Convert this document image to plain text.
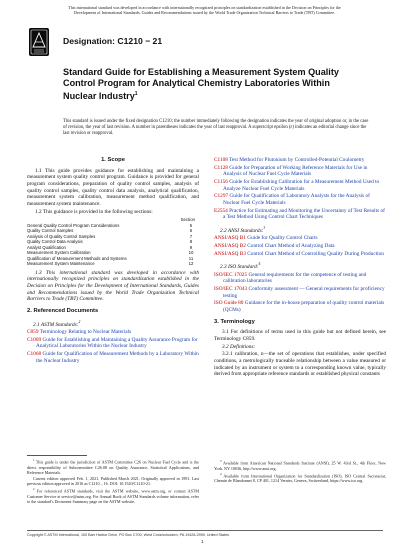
This international standard was developed in accordance with internationally recognized principles on standardization established in the Decision on Principles for the
Development of International Standards, Guides and Recommendations issued by the World Trade Organization Technical Barriers to Trade (TBT) Committee.
Designation: C1210 − 21
Standard Guide for Establishing a Measurement System Quality Control Program for Analytical Chemistry Laboratories Within Nuclear Industry$^1$
This standard is issued under the fixed designation C1210; the number immediately following the designation indicates the year of original adoption or, in the case of revision, the year of last revision. A number in parentheses indicates the year of last reapproval. A superscript epsilon (ε) indicates an editorial change since the last revision or reapproval.
1. Scope

1.1 This guide provides guidance for establishing and maintaining a measurement system quality control program. Guidance is provided for general program considerations, preparation of quality control samples, analysis of quality control samples, quality control data analysis, analytical qualification, measurement system calibration, measurement method qualification, and measurement system maintenance.

1.2 This guidance is provided in the following sections:

Section
General Quality Control Program Considerations	5
Quality Control Samples	6
Analysis of Quality Control Samples	7
Quality Control Data Analysis	8
Analyst Qualification	9
Measurement System Calibration	10
Qualification of Measurement Methods and Systems	11
Measurement System Maintenance	12

1.3 This international standard was developed in accordance with internationally recognized principles on standardization established in the Decision on Principles for the Development of International Standards, Guides and Recommendations issued by the World Trade Organization Technical Barriers to Trade (TBT) Committee.

2. Referenced Documents
2.1 ASTM Standards:$^2$
C859 Terminology Relating to Nuclear Materials
C1009 Guide for Establishing and Maintaining a Quality Assurance Program for Analytical Laboratories Within the Nuclear Industry
C1068 Guide for Qualification of Measurement Methods by a Laboratory Within the Nuclear Industry
C1108 Test Method for Plutonium by Controlled-Potential Coulometry
C1128 Guide for Preparation of Working Reference Materials for Use in Analysis of Nuclear Fuel Cycle Materials
C1156 Guide for Establishing Calibration for a Measurement Method Used to Analyze Nuclear Fuel Cycle Materials
C1297 Guide for Qualification of Laboratory Analysts for the Analysis of Nuclear Fuel Cycle Materials
E2554 Practice for Estimating and Monitoring the Uncertainty of Test Results of a Test Method Using Control Chart Techniques
2.2 ANSI Standards:$^3$
ANSI/ASQ B1 Guide for Quality Control Charts
ANSI/ASQ B2 Control Chart Method of Analyzing Data
ANSI/ASQ B3 Control Chart Method of Controlling Quality During Production
2.3 ISO Standard:$^4$
ISO/IEC 17025 General requirements for the competence of testing and calibration laboratories
ISO/IEC 17043 Conformity assessment — General requirements for proficiency testing
ISO Guide 80 Guidance for the in-house preparation of quality control materials (QCMs)
3. Terminology

3.1 For definitions of terms used in this guide but not defined herein, see Terminology C859.

3.2 Definitions:

3.2.1 calibration, n—the set of operations that establishes, under specified conditions, a metrologically traceable relationship between a value measured or indicated by an instrument or system to a corresponding known value, typically derived from appropriate reference standards or established physical constants

$^1$ This guide is under the jurisdiction of ASTM Committee C26 on Nuclear Fuel Cycle and is the direct responsibility of Subcommittee C26.08 on Quality Assurance, Statistical Applications, and Reference Materials.

Current edition approved Feb. 1, 2021. Published March 2021. Originally approved in 1991. Last previous edition approved in 2016 as C1210 – 16. DOI: 10.1520/C1210-21.

$^2$ For referenced ASTM standards, visit the ASTM website, www.astm.org, or contact ASTM Customer Service at service@astm.org. For Annual Book of ASTM Standards volume information, refer to the standard's Document Summary page on the ASTM website.

$^3$ Available from American National Standards Institute (ANSI), 25 W. 43rd St., 4th Floor, New York, NY 10036, http://www.ansi.org.

$^4$ Available from International Organization for Standardization (ISO), ISO Central Secretariat, Chemin de Blandonnet 8, CP 401, 1214 Vernier, Geneva, Switzerland, https://www.iso.org.

Copyright © ASTM International, 100 Barr Harbor Drive, PO Box C700, West Conshohocken, PA 19428-2959. United States
1
